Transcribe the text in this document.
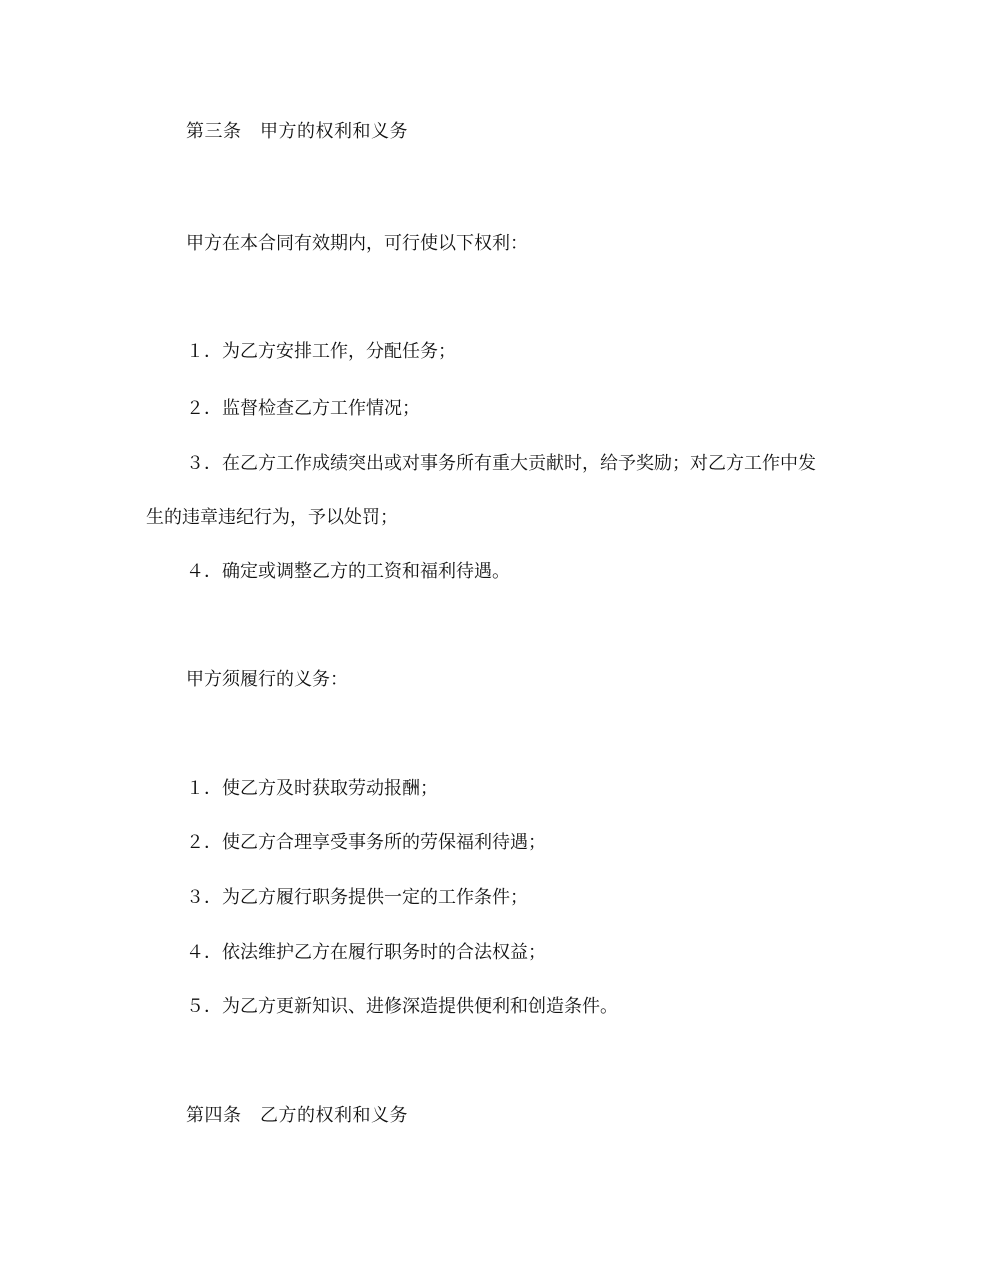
第三条　甲方的权利和义务
甲方在本合同有效期内，可行使以下权利：
１．为乙方安排工作，分配任务；
２．监督检查乙方工作情况；
３．在乙方工作成绩突出或对事务所有重大贡献时，给予奖励；对乙方工作中发
生的违章违纪行为，予以处罚；
４．确定或调整乙方的工资和福利待遇。
甲方须履行的义务：
１．使乙方及时获取劳动报酬；
２．使乙方合理享受事务所的劳保福利待遇；
３．为乙方履行职务提供一定的工作条件；
４．依法维护乙方在履行职务时的合法权益；
５．为乙方更新知识、进修深造提供便利和创造条件。
第四条　乙方的权利和义务
